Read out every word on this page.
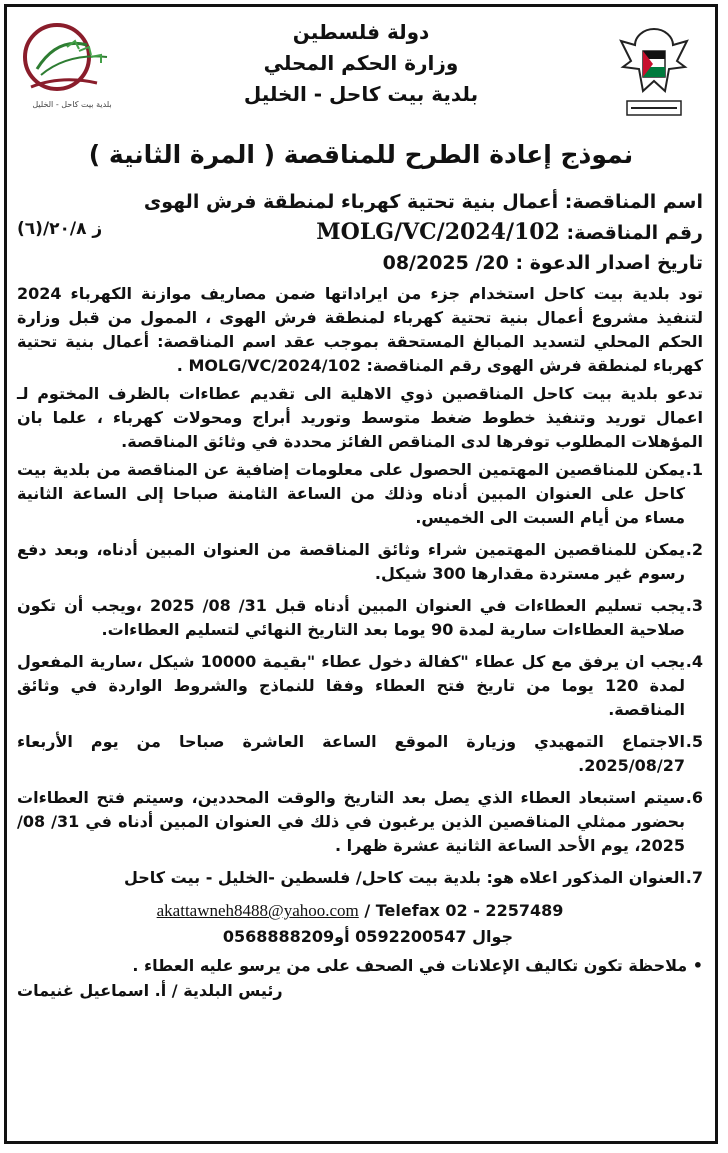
دولة فلسطين
وزارة الحكم المحلي
بلدية بيت كاحل - الخليل
بلدية بيت كاحل - الخليل
نموذج إعادة الطرح للمناقصة ( المرة الثانية )
اسم المناقصة: أعمال بنية تحتية كهرباء لمنطقة فرش الهوى
رقم المناقصة: MOLG/VC/2024/102
تاريخ اصدار الدعوة : 20/ 08/2025
ز ٢٠/٨/(٦)
تود بلدية بيت كاحل استخدام جزء من ايراداتها ضمن مصاريف موازنة الكهرباء 2024 لتنفيذ مشروع أعمال بنية تحتية كهرباء لمنطقة فرش الهوى ، الممول من قبل وزارة الحكم المحلي لتسديد المبالغ المستحقة بموجب عقد اسم المناقصة: أعمال بنية تحتية كهرباء لمنطقة فرش الهوى رقم المناقصة: MOLG/VC/2024/102 .
تدعو بلدية بيت كاحل المناقصين ذوي الاهلية الى تقديم عطاءات بالظرف المختوم لـ اعمال توريد وتنفيذ خطوط ضغط متوسط وتوريد أبراج ومحولات كهرباء ، علما بان المؤهلات المطلوب توفرها لدى المناقص الفائز محددة في وثائق المناقصة.
1.
يمكن للمناقصين المهتمين الحصول على معلومات إضافية عن المناقصة من بلدية بيت كاحل على العنوان المبين أدناه وذلك من الساعة الثامنة صباحا إلى الساعة الثانية مساء من أيام السبت الى الخميس.
2.
يمكن للمناقصين المهتمين شراء وثائق المناقصة من العنوان المبين أدناه، وبعد دفع رسوم غير مستردة مقدارها 300 شيكل.
3.
يجب تسليم العطاءات في العنوان المبين أدناه قبل 31/ 08/ 2025 ،ويجب أن تكون صلاحية العطاءات سارية لمدة 90 يوما بعد التاريخ النهائي لتسليم العطاءات.
4.
يجب ان يرفق مع كل عطاء "كفالة دخول عطاء "بقيمة 10000 شيكل ،سارية المفعول لمدة 120 يوما من تاريخ فتح العطاء وفقا للنماذج والشروط الواردة في وثائق المناقصة.
5.
الاجتماع التمهيدي وزيارة الموقع الساعة العاشرة صباحا من يوم الأربعاء 2025/08/27.
6.
سيتم استبعاد العطاء الذي يصل بعد التاريخ والوقت المحددين، وسيتم فتح العطاءات بحضور ممثلي المناقصين الذين يرغبون في ذلك في العنوان المبين أدناه في 31/ 08/ 2025، يوم الأحد الساعة الثانية عشرة ظهرا .
7.
العنوان المذكور اعلاه هو: بلدية بيت كاحل/ فلسطين -الخليل - بيت كاحل
akattawneh8488@yahoo.com / Telefax 02 - 2257489
جوال 0592200547 أو0568888209
• ملاحظة تكون تكاليف الإعلانات في الصحف على من يرسو عليه العطاء .
رئيس البلدية / أ. اسماعيل غنيمات
